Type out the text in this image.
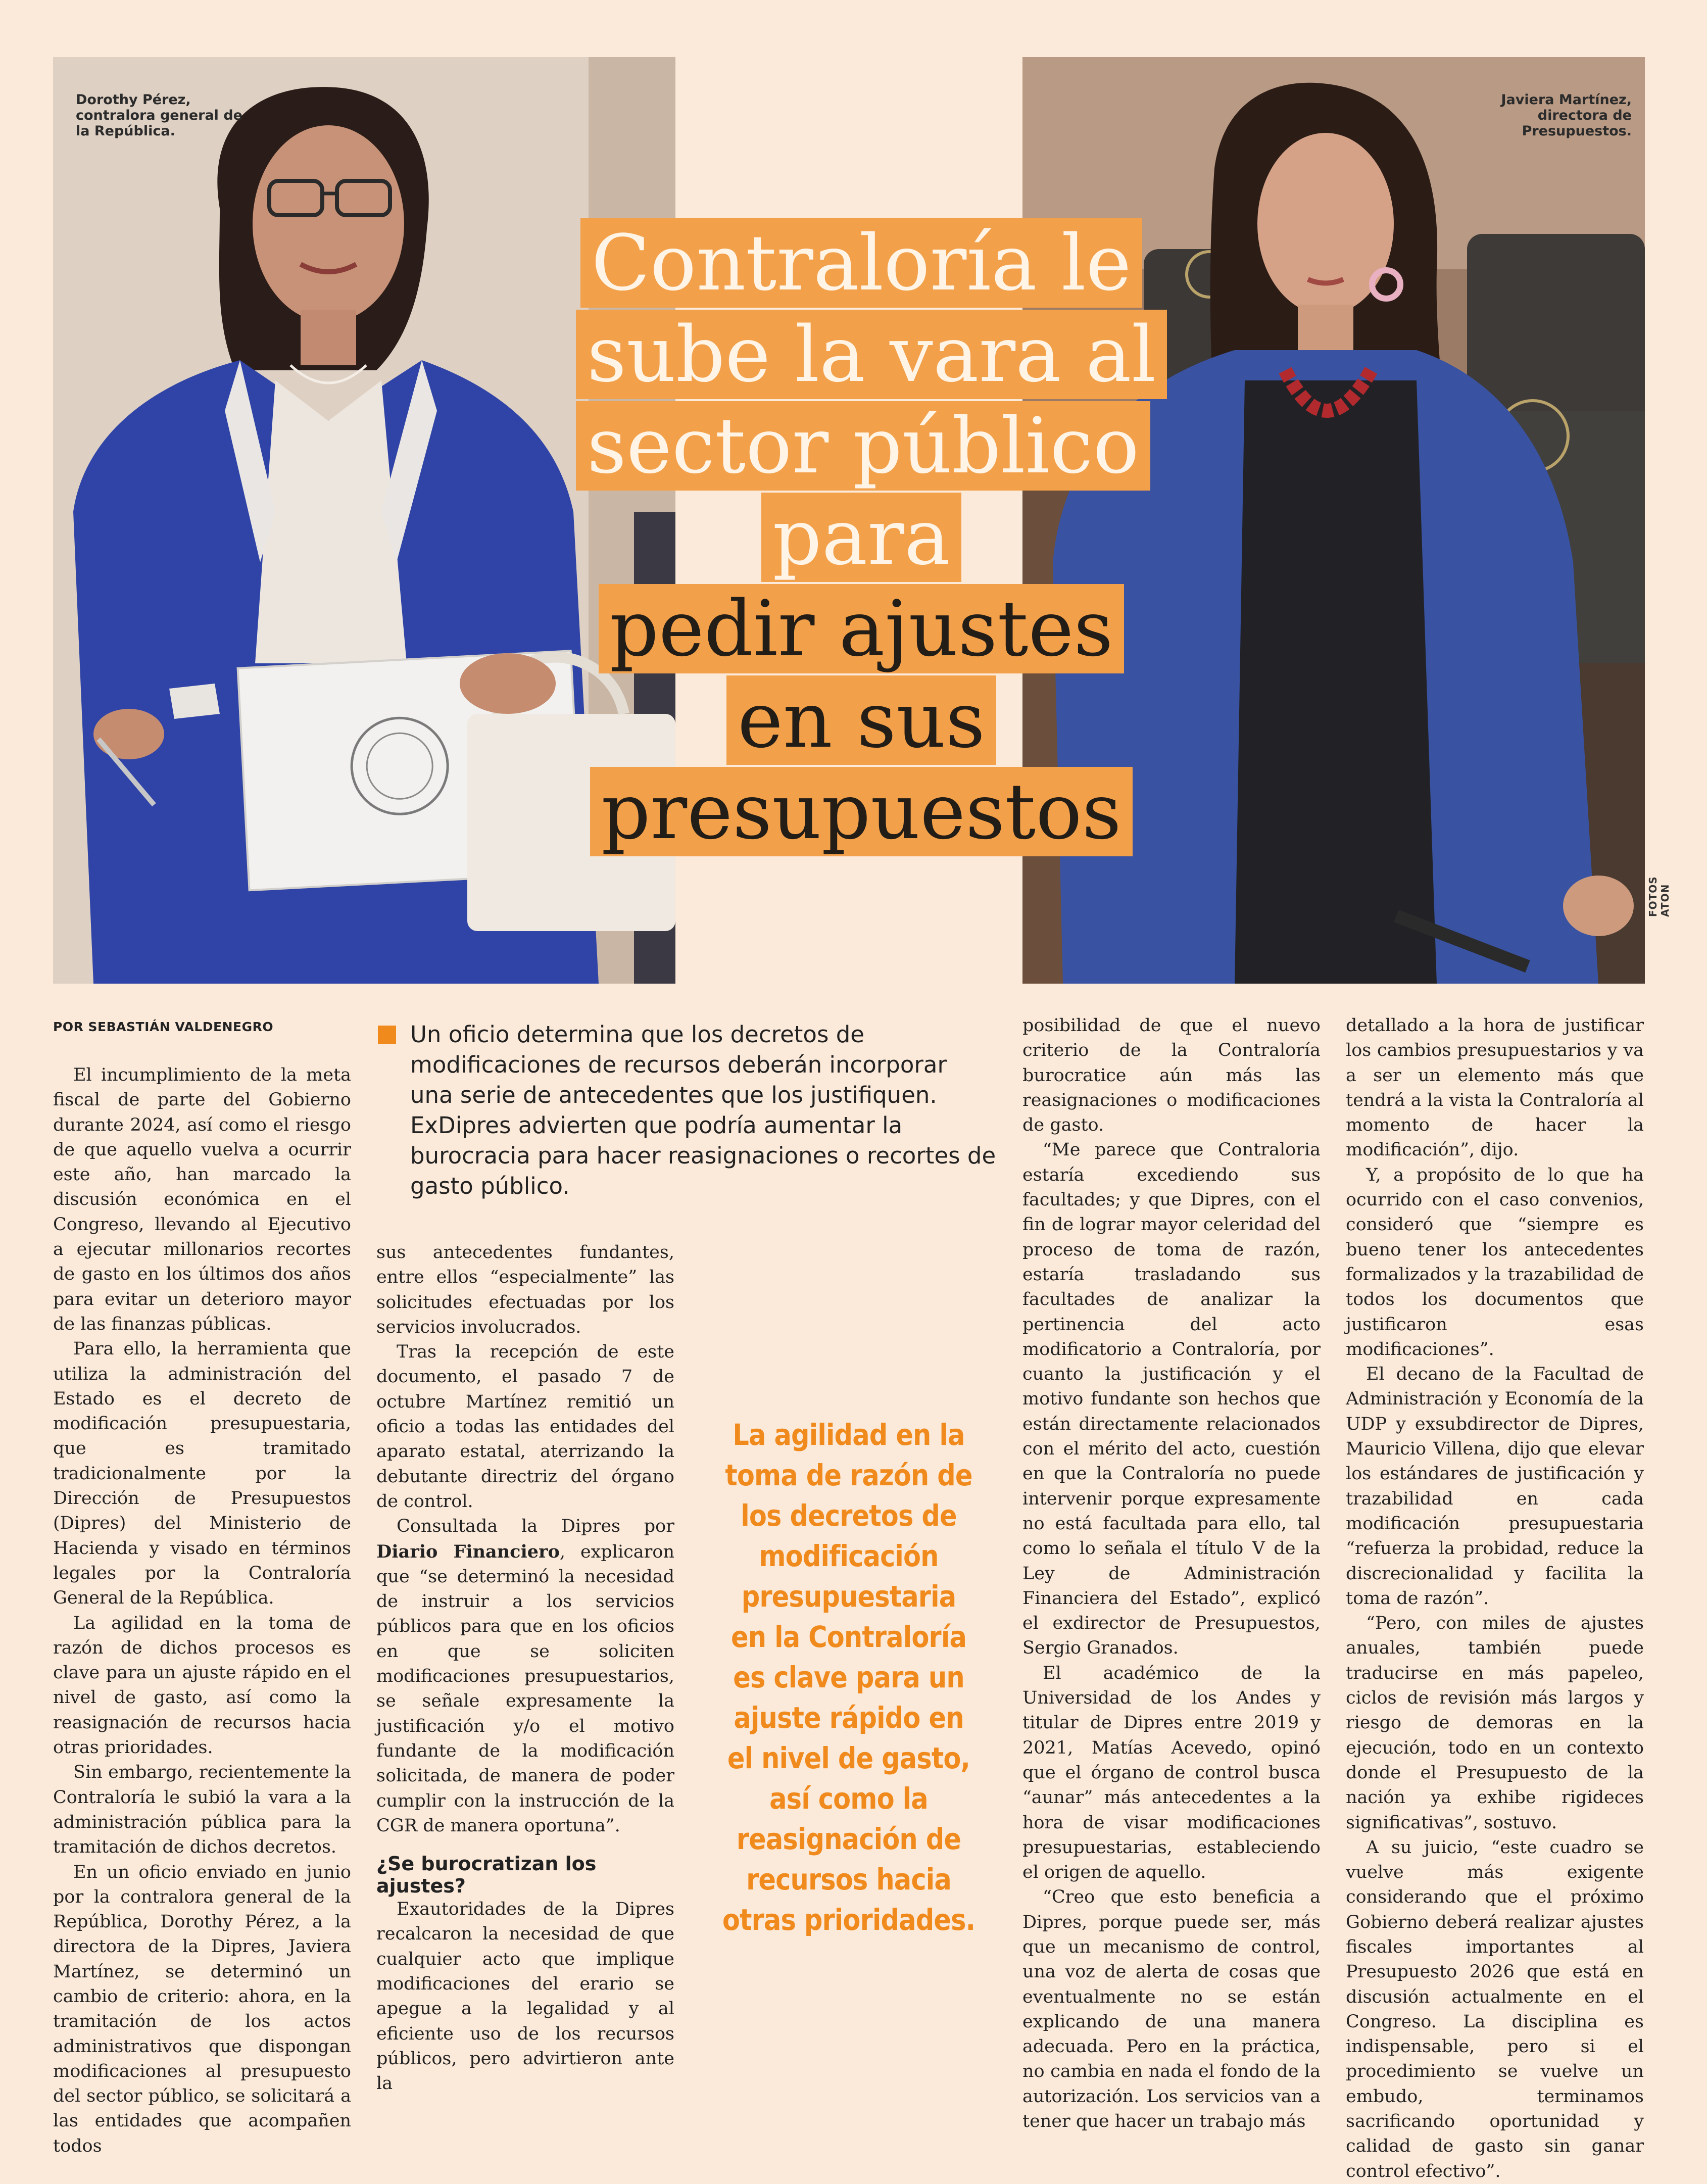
Dorothy Pérez,
contralora general de
la República.
Javiera Martínez,
directora de
Presupuestos.
FOTOS ATON
Contraloría le
sube la vara al
sector público
para
pedir ajustes
en sus
presupuestos
POR SEBASTIÁN VALDENEGRO	Un oficio determina que los decretos de modificaciones de recursos deberán incorporar una serie de antecedentes que los justifiquen. ExDipres advierten que podría aumentar la burocracia para hacer reasignaciones o recortes de gasto público.

El incumplimiento de la meta fiscal de parte del Gobierno durante 2024, así como el riesgo de que aquello vuelva a ocurrir este año, han marcado la discusión económica en el Congreso, llevando al Ejecutivo a ejecutar millonarios recortes de gasto en los últimos dos años para evitar un deterioro mayor de las finanzas públicas.

Para ello, la herramienta que utiliza la administración del Estado es el decreto de modificación presupuestaria, que es tramitado tradicionalmente por la Dirección de Presupuestos (Dipres) del Ministerio de Hacienda y visado en términos legales por la Contraloría General de la República.

La agilidad en la toma de razón de dichos procesos es clave para un ajuste rápido en el nivel de gasto, así como la reasignación de recursos hacia otras prioridades.

Sin embargo, recientemente la Contraloría le subió la vara a la administración pública para la tramitación de dichos decretos.

En un oficio enviado en junio por la contralora general de la República, Dorothy Pérez, a la directora de la Dipres, Javiera Martínez, se determinó un cambio de criterio: ahora, en la tramitación de los actos administrativos que dispongan modificaciones al presupuesto del sector público, se solicitará a las entidades que acompañen todos

sus antecedentes fundantes, entre ellos “especialmente” las solicitudes efectuadas por los servicios involucrados.

Tras la recepción de este documento, el pasado 7 de octubre Martínez remitió un oficio a todas las entidades del aparato estatal, aterrizando la debutante directriz del órgano de control.

Consultada la Dipres por Diario Financiero, explicaron que “se determinó la necesidad de instruir a los servicios públicos para que en los oficios en que se soliciten modificaciones presupuestarios, se señale expresamente la justificación y/o el motivo fundante de la modificación solicitada, de manera de poder cumplir con la instrucción de la CGR de manera oportuna”.

¿Se burocratizan los ajustes?

Exautoridades de la Dipres recalcaron la necesidad de que cualquier acto que implique modificaciones del erario se apegue a la legalidad y al eficiente uso de los recursos públicos, pero advirtieron ante la

La agilidad en la toma de razón de los decretos de modificación presupuestaria en la Contraloría es clave para un ajuste rápido en el nivel de gasto, así como la reasignación de recursos hacia otras prioridades.

posibilidad de que el nuevo criterio de la Contraloría burocratice aún más las reasignaciones o modificaciones de gasto.

“Me parece que Contraloria estaría excediendo sus facultades; y que Dipres, con el fin de lograr mayor celeridad del proceso de toma de razón, estaría trasladando sus facultades de analizar la pertinencia del acto modificatorio a Contraloría, por cuanto la justificación y el motivo fundante son hechos que están directamente relacionados con el mérito del acto, cuestión en que la Contraloría no puede intervenir porque expresamente no está facultada para ello, tal como lo señala el título V de la Ley de Administración Financiera del Estado”, explicó el exdirector de Presupuestos, Sergio Granados.

El académico de la Universidad de los Andes y titular de Dipres entre 2019 y 2021, Matías Acevedo, opinó que el órgano de control busca “aunar” más antecedentes a la hora de visar modificaciones presupuestarias, estableciendo el origen de aquello.

“Creo que esto beneficia a Dipres, porque puede ser, más que un mecanismo de control, una voz de alerta de cosas que eventualmente no se están explicando de una manera adecuada. Pero en la práctica, no cambia en nada el fondo de la autorización. Los servicios van a tener que hacer un trabajo más

detallado a la hora de justificar los cambios presupuestarios y va a ser un elemento más que tendrá a la vista la Contraloría al momento de hacer la modificación”, dijo.

Y, a propósito de lo que ha ocurrido con el caso convenios, consideró que “siempre es bueno tener los antecedentes formalizados y la trazabilidad de todos los documentos que justificaron esas modificaciones”.

El decano de la Facultad de Administración y Economía de la UDP y exsubdirector de Dipres, Mauricio Villena, dijo que elevar los estándares de justificación y trazabilidad en cada modificación presupuestaria “refuerza la probidad, reduce la discrecionalidad y facilita la toma de razón”.

“Pero, con miles de ajustes anuales, también puede traducirse en más papeleo, ciclos de revisión más largos y riesgo de demoras en la ejecución, todo en un contexto donde el Presupuesto de la nación ya exhibe rigideces significativas”, sostuvo.

A su juicio, “este cuadro se vuelve más exigente considerando que el próximo Gobierno deberá realizar ajustes fiscales importantes al Presupuesto 2026 que está en discusión actualmente en el Congreso. La disciplina es indispensable, pero si el procedimiento se vuelve un embudo, terminamos sacrificando oportunidad y calidad de gasto sin ganar control efectivo”.
